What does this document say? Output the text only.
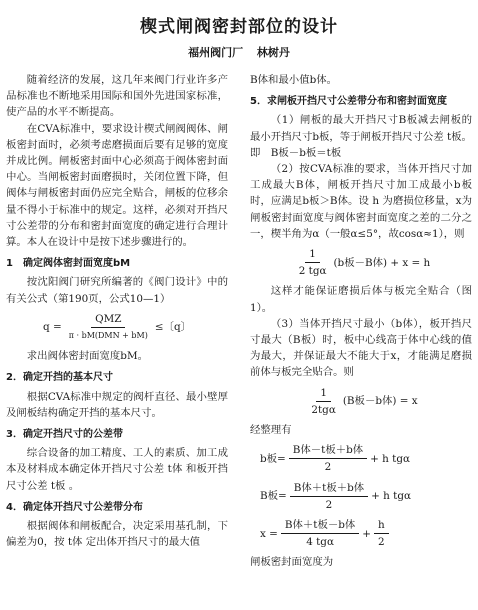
楔式闸阀密封部位的设计
福州阀门厂 林树丹

随着经济的发展，这几年来阀门行业许多产品标准也不断地采用国际和国外先进国家标准，使产品的水平不断提高。

在CVA标准中，要求设计楔式闸阀阀体、闸板密封面时，必须考虑磨损面后要有足够的宽度并成比例。闸板密封面中心必须高于阀体密封面中心。当闸板密封面磨损时，关闭位置下降，但阀体与闸板密封面仍应完全贴合，闸板的位移余量不得小于标准中的规定。这样，必须对开挡尺寸公差带的分布和密封面宽度的确定进行合理计算。本人在设计中是按下述步骤进行的。

1　确定阀体密封面宽度bM

按沈阳阀门研究所编著的《阀门设计》中的有关公式（第190页，公式10—1）

$q = \frac{\text{QMZ}}{\text{π · bM(DMN + bM)}}$ ≤〔q〕

求出阀体密封面宽度bM。

2．确定开挡的基本尺寸

根据CVA标准中规定的阀杆直径、最小壁厚及闸板结构确定开挡的基本尺寸。

3．确定开挡尺寸的公差带

综合设备的加工精度、工人的素质、加工成本及材料成本确定体开挡尺寸公差 t体 和板开挡尺寸公差 t板 。

4．确定体开挡尺寸公差带分布

根据阀体和闸板配合，决定采用基孔制，下偏差为0，按 t体 定出体开挡尺寸的最大值

B体和最小值b体。

5．求闸板开挡尺寸公差带分布和密封面宽度

（1）闸板的最大开挡尺寸B板减去闸板的最小开挡尺寸b板，等于闸板开挡尺寸公差 t板。

即　B板－b板＝t板

（2）按CVA标准的要求，当体开挡尺寸加工成最大B体，闸板开挡尺寸加工成最小b板时，应满足b板＞B体。设 h 为磨损位移量，x为闸板密封面宽度与阀体密封面宽度之差的二分之一，楔半角为α（一般α≤5°，故cosα≈1），则

$\frac{1}{\text{2 tgα}} (b$板－B体) + x = h

这样才能保证磨损后体与板完全贴合（图1）。

（3）当体开挡尺寸最小（b体），板开挡尺寸最大（B板）时，板中心线高于体中心线的值为最大，并保证最大不能大于x，才能满足磨损前体与板完全贴合。则

$\frac{1}{\text{2tgα}} (B$板－b体) = x

经整理有

b板= $\frac{\text{B体－t板＋b体}}{2} + h$ tgα
B板= $\frac{\text{B体＋t板＋b体}}{2} + h$ tgα
$x = \frac{\text{B体＋t板－b体}}{\text{4 tgα}} + \frac{h}{2}$

闸板密封面宽度为
